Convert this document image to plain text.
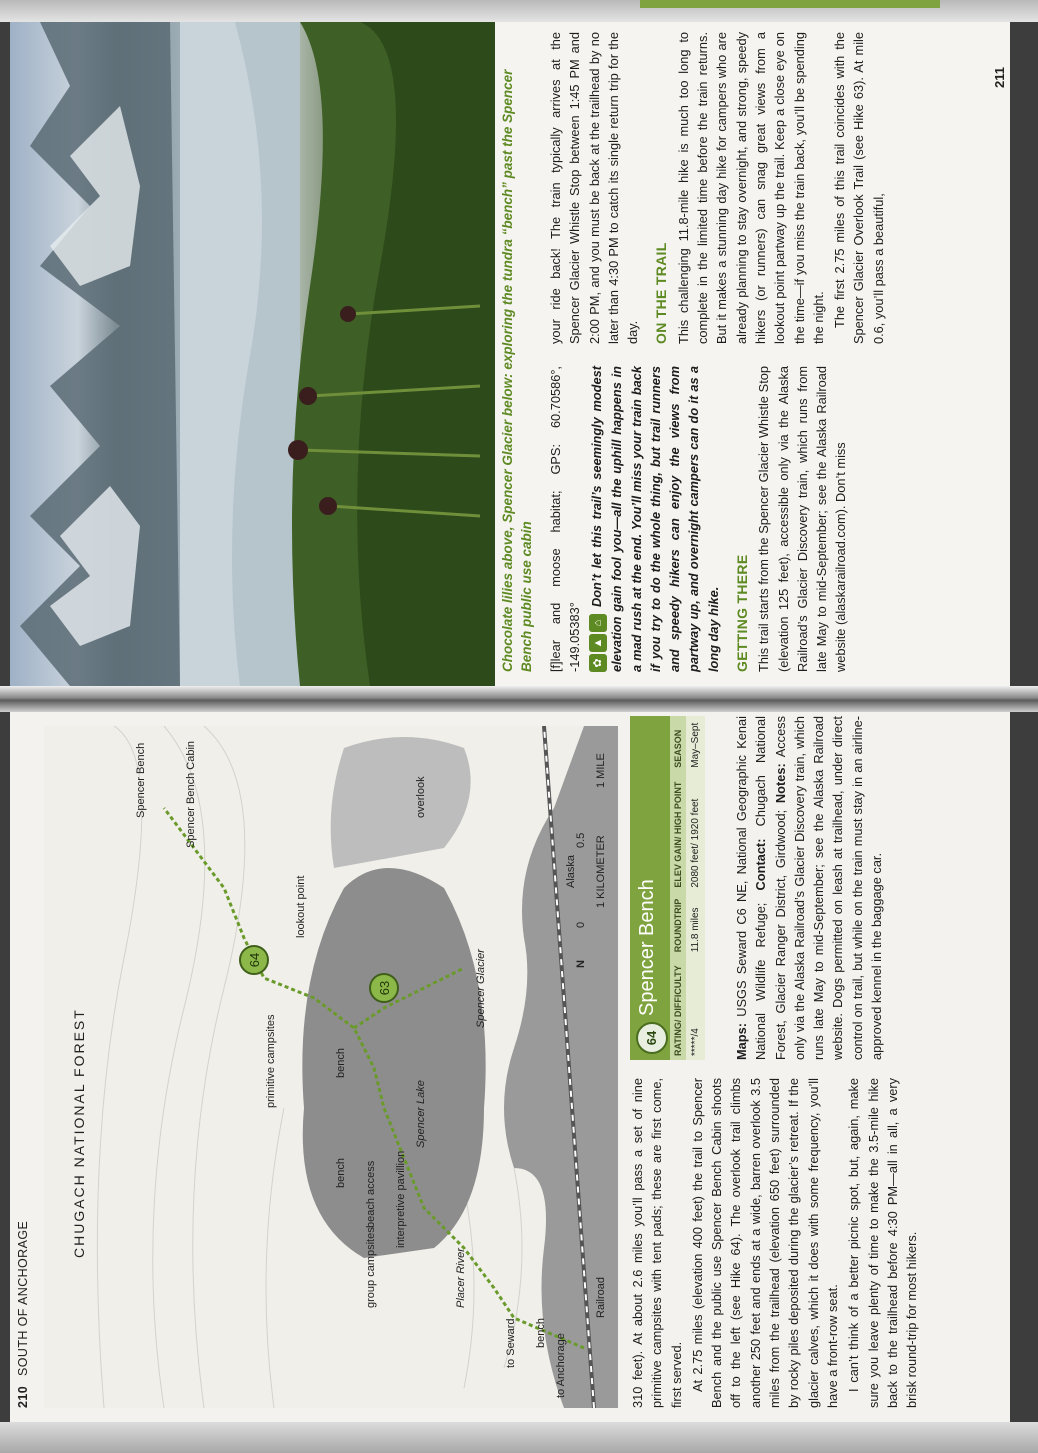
Chocolate lilies above, Spencer Glacier below: exploring the tundra “bench” past the Spencer Bench public use cabin [f]lear and moose habitat; GPS: 60.70586°, -149.05383° ✿▲⌂Don’t let this trail’s seemingly modest elevation gain fool you—all the uphill happens in a mad rush at the end. You’ll miss your train back if you try to do the whole thing, but trail runners and speedy hikers can enjoy the views from partway up, and overnight campers can do it as a long day hike. GETTING THERE This trail starts from the Spencer Glacier Whistle Stop (elevation 125 feet), accessible only via the Alaska Railroad’s Glacier Discovery train, which runs from late May to mid-September; see the Alaska Railroad website (alaskarailroad.com). Don’t miss

your ride back! The train typically arrives at the Spencer Glacier Whistle Stop between 1:45 PM and 2:00 PM, and you must be back at the trailhead by no later than 4:30 PM to catch its single return trip for the day. ON THE TRAIL This challenging 11.8-mile hike is much too long to complete in the limited time before the train returns. But it makes a stunning day hike for campers who are already planning to stay overnight, and strong, speedy hikers (or runners) can snag great views from a lookout point partway up the trail. Keep a close eye on the time—if you miss the train back, you’ll be spending the night. The first 2.75 miles of this trail coincides with the Spencer Glacier Overlook Trail (see Hike 63). At mile 0.6, you’ll pass a beautiful,

211
210SOUTH OF ANCHORAGE
64
63
CHUGACH NATIONAL FOREST
to Anchorage
to Seward
Railroad
Alaska
Placer River
Spencer Lake
Spencer Glacier
Spencer Bench	Spencer Bench Cabin
lookout point
overlook
primitive campsites
bench
bench
bench
beach access interpretive pavillion
group campsites
1 KILOMETER
1 MILE
0.5
0
N

310 feet). At about 2.6 miles you’ll pass a set of nine primitive campsites with tent pads; these are first come, first served. At 2.75 miles (elevation 400 feet) the trail to Spencer Bench and the public use Spencer Bench Cabin shoots off to the left (see Hike 64). The overlook trail climbs another 250 feet and ends at a wide, barren overlook 3.5 miles from the trailhead (elevation 650 feet) surrounded by rocky piles deposited during the glacier’s retreat. If the glacier calves, which it does with some frequency, you’ll have a front-row seat. I can’t think of a better picnic spot, but, again, make sure you leave plenty of time to make the 3.5-mile hike back to the trailhead before 4:30 PM—all in all, a very brisk round-trip for most hikers.

64
Spencer Bench RATING/ DIFFICULTY	ROUNDTRIP	ELEV GAIN/ HIGH POINT	SEASON
*****/4	11.8 miles	2080 feet/ 1920 feet	May–Sept

Maps: USGS Seward C6 NE, National Geographic Kenai National Wildlife Refuge; Contact: Chugach National Forest, Glacier Ranger District, Girdwood; Notes: Access only via the Alaska Railroad’s Glacier Discovery train, which runs late May to mid-September; see the Alaska Railroad website. Dogs permitted on leash at trailhead, under direct control on trail, but while on the train must stay in an airline-approved kennel in the baggage car.
